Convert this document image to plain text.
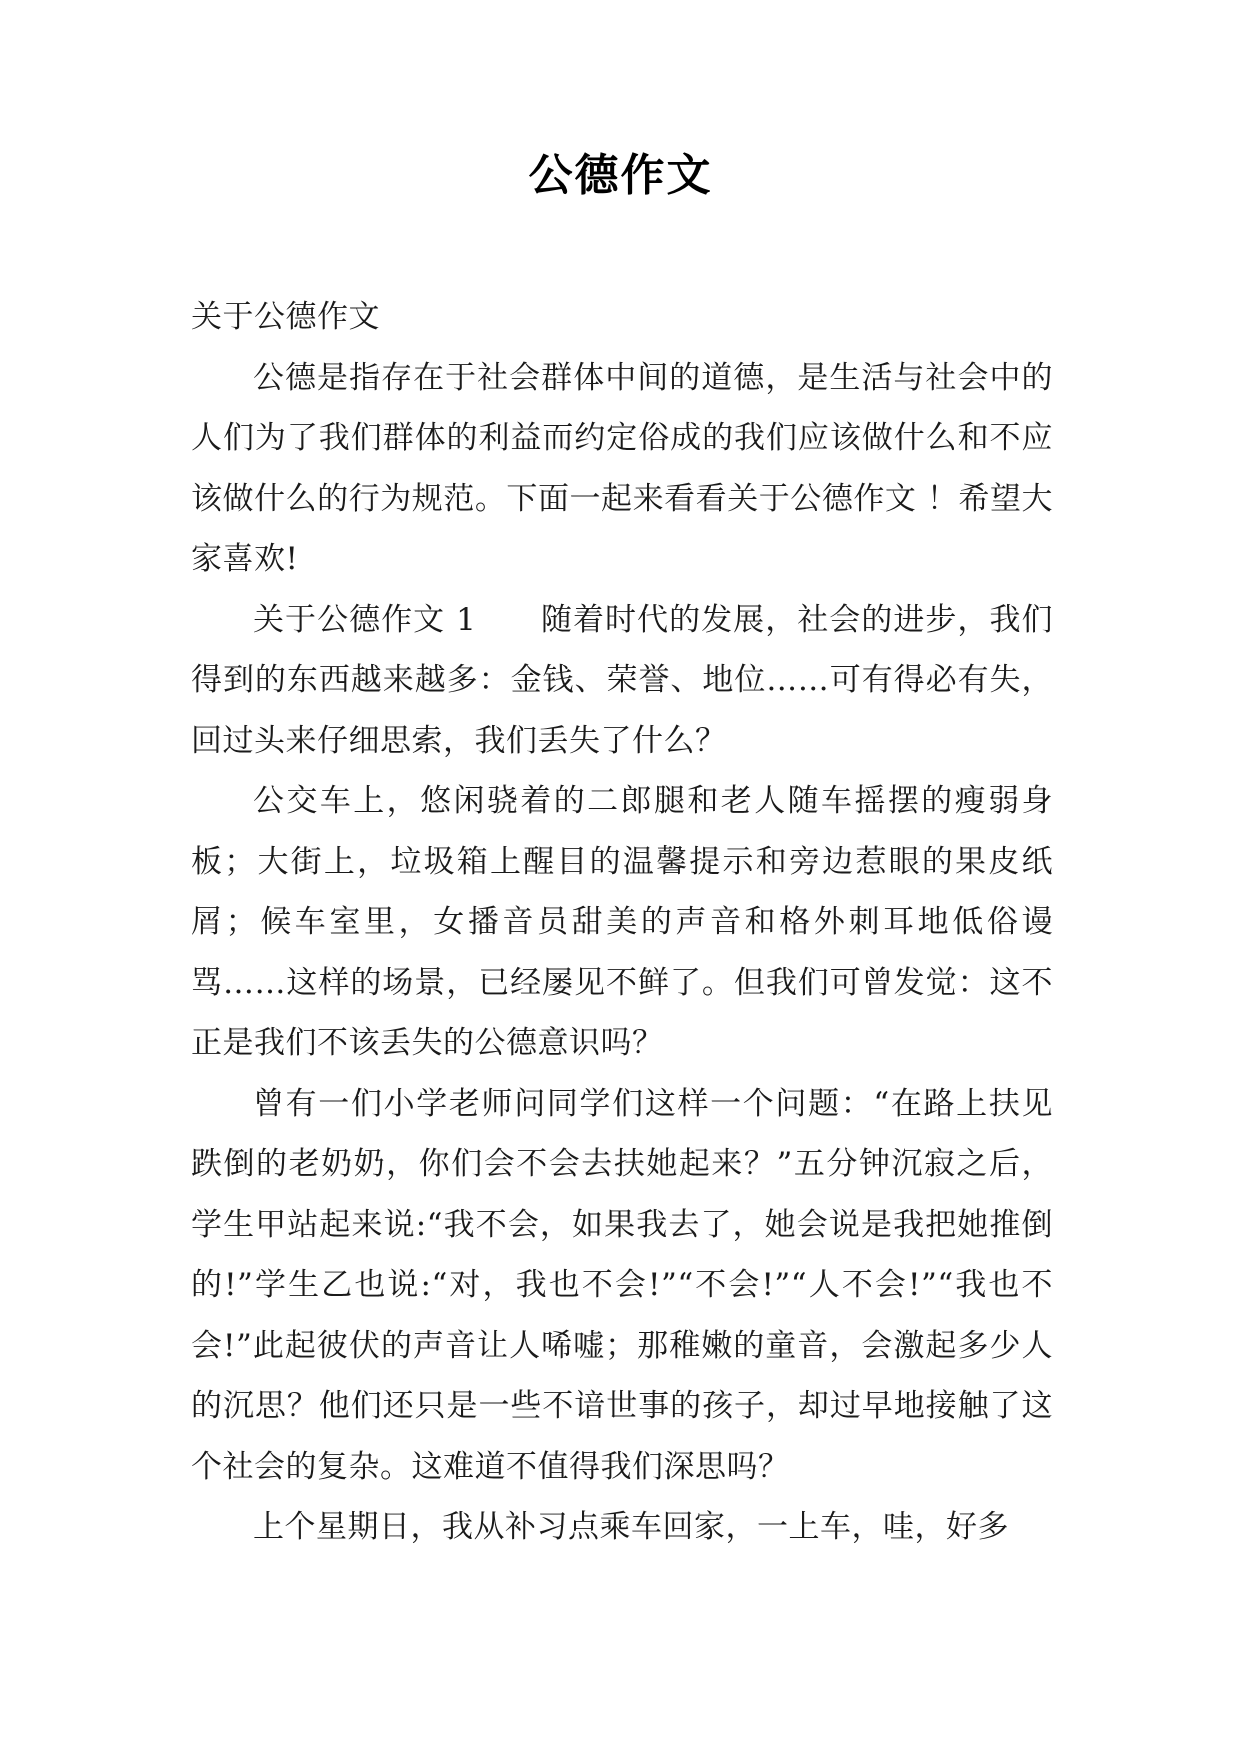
公德作文

关于公德作文

公德是指存在于社会群体中间的道德，是生活与社会中的人们为了我们群体的利益而约定俗成的我们应该做什么和不应该做什么的行为规范。下面一起来看看关于公德作文 ！希望大家喜欢!

关于公德作文 1　　随着时代的发展，社会的进步，我们得到的东西越来越多：金钱、荣誉、地位……可有得必有失，回过头来仔细思索，我们丢失了什么？

公交车上，悠闲骁着的二郎腿和老人随车摇摆的瘦弱身板；大街上，垃圾箱上醒目的温馨提示和旁边惹眼的果皮纸屑；候车室里，女播音员甜美的声音和格外刺耳地低俗谩骂……这样的场景，已经屡见不鲜了。但我们可曾发觉：这不正是我们不该丢失的公德意识吗？

曾有一们小学老师问同学们这样一个问题：“在路上扶见跌倒的老奶奶，你们会不会去扶她起来？”五分钟沉寂之后，学生甲站起来说:“我不会，如果我去了，她会说是我把她推倒的!”学生乙也说:“对，我也不会!”“不会!”“人不会!”“我也不会!”此起彼伏的声音让人唏嘘；那稚嫩的童音，会激起多少人的沉思？他们还只是一些不谙世事的孩子，却过早地接触了这个社会的复杂。这难道不值得我们深思吗？

上个星期日，我从补习点乘车回家，一上车，哇，好多
